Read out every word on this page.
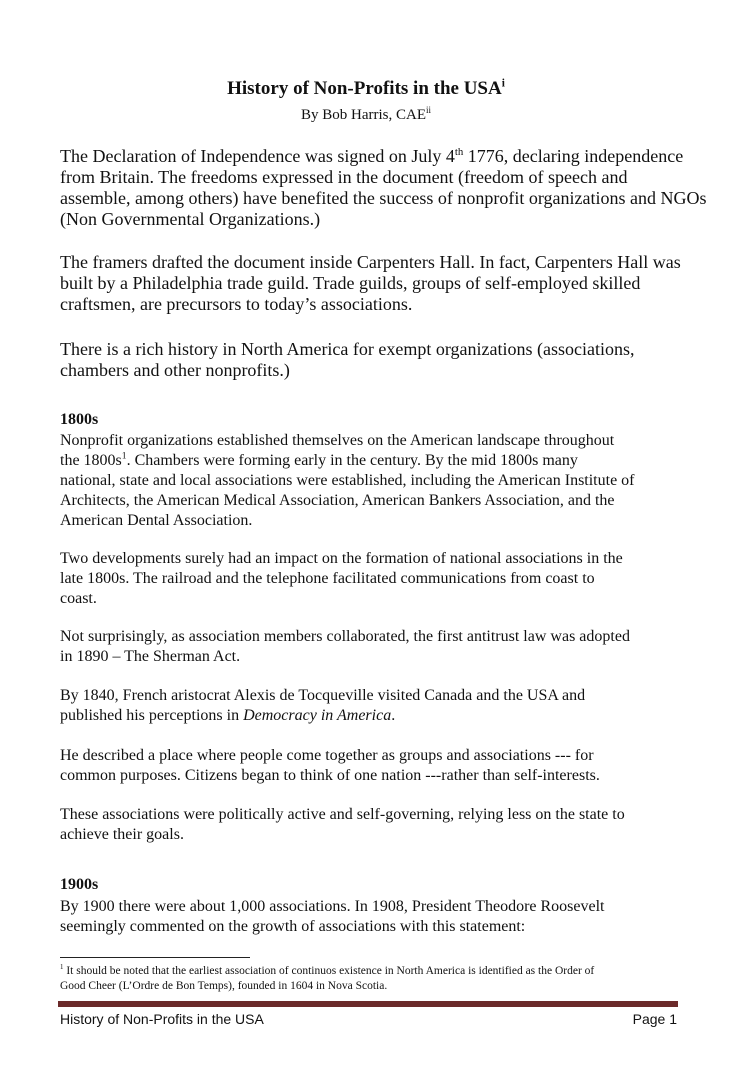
History of Non-Profits in the USA$^i$
By Bob Harris, CAE$^{ii}$
The Declaration of Independence was signed on July 4th 1776, declaring independence
from Britain. The freedoms expressed in the document (freedom of speech and
assemble, among others) have benefited the success of nonprofit organizations and NGOs
(Non Governmental Organizations.)
The framers drafted the document inside Carpenters Hall. In fact, Carpenters Hall was
built by a Philadelphia trade guild. Trade guilds, groups of self-employed skilled
craftsmen, are precursors to today’s associations.
There is a rich history in North America for exempt organizations (associations,
chambers and other nonprofits.)
1800s
Nonprofit organizations established themselves on the American landscape throughout
the $1800s^1$. Chambers were forming early in the century. By the mid 1800s many
national, state and local associations were established, including the American Institute of
Architects, the American Medical Association, American Bankers Association, and the
American Dental Association.
Two developments surely had an impact on the formation of national associations in the
late 1800s. The railroad and the telephone facilitated communications from coast to
coast.
Not surprisingly, as association members collaborated, the first antitrust law was adopted
in 1890 – The Sherman Act.
By 1840, French aristocrat Alexis de Tocqueville visited Canada and the USA and
published his perceptions in Democracy in America.
He described a place where people come together as groups and associations --- for
common purposes. Citizens began to think of one nation ---rather than self-interests.
These associations were politically active and self-governing, relying less on the state to
achieve their goals.
1900s
By 1900 there were about 1,000 associations. In 1908, President Theodore Roosevelt
seemingly commented on the growth of associations with this statement:
$^1$ It should be noted that the earliest association of continuos existence in North America is identified as the Order of
Good Cheer (L’Ordre de Bon Temps), founded in 1604 in Nova Scotia.
History of Non-Profits in the USA	Page 1
